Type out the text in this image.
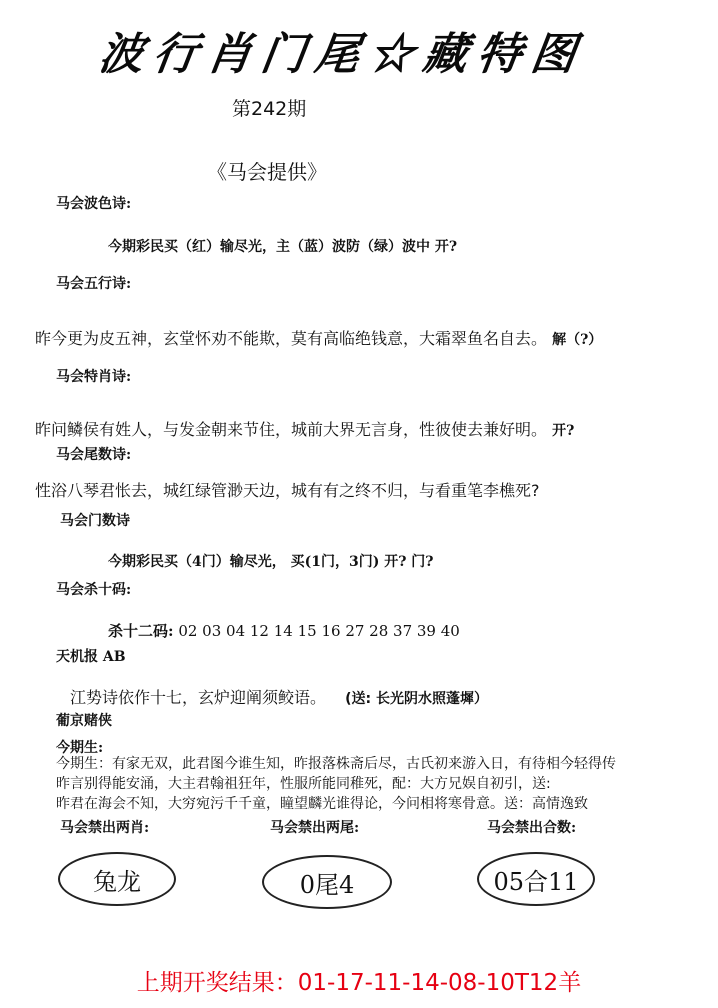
波行肖门尾☆藏特图
第242期
《马会提供》
马会波色诗:
今期彩民买（红）输尽光，主（蓝）波防（绿）波中 开?
马会五行诗:
昨今更为皮五神，玄堂怀劝不能欺，莫有高临绝钱意，大霜翠鱼名自去。 解（?）
马会特肖诗:
昨问鳞侯有姓人，与发金朝来节住，城前大界无言身，性彼使去兼好明。 开?
马会尾数诗:
性浴八琴君怅去，城红绿管渺天边，城有有之终不归，与看重笔李樵死?
马会门数诗
今期彩民买（4门）输尽光， 买(1门，3门) 开? 门?
马会杀十码:
杀十二码: 02 03 04 12 14 15 16 27 28 37 39 40
天机报 AB
江势诗依作十七，玄炉迎阐须鲛语。 (送: 长光阴水照蓬墀）
葡京赌侠
今期生:
今期生：有家无双，此君图今谁生知，昨报落株斋后尽，古氏初来游入日，有待相今轻得传
昨言别得能安涌，大主君翰祖狂年，性服所能同稚死，配：大方兄娱自初引，送:
昨君在海会不知，大穷宛污千千童，瞳望麟光谁得论，今问相将寒骨意。送：高情逸致
马会禁出两肖:	马会禁出两尾:	马会禁出合数:
兔龙	0尾4	05合11
上期开奖结果：01-17-11-14-08-10T12羊
